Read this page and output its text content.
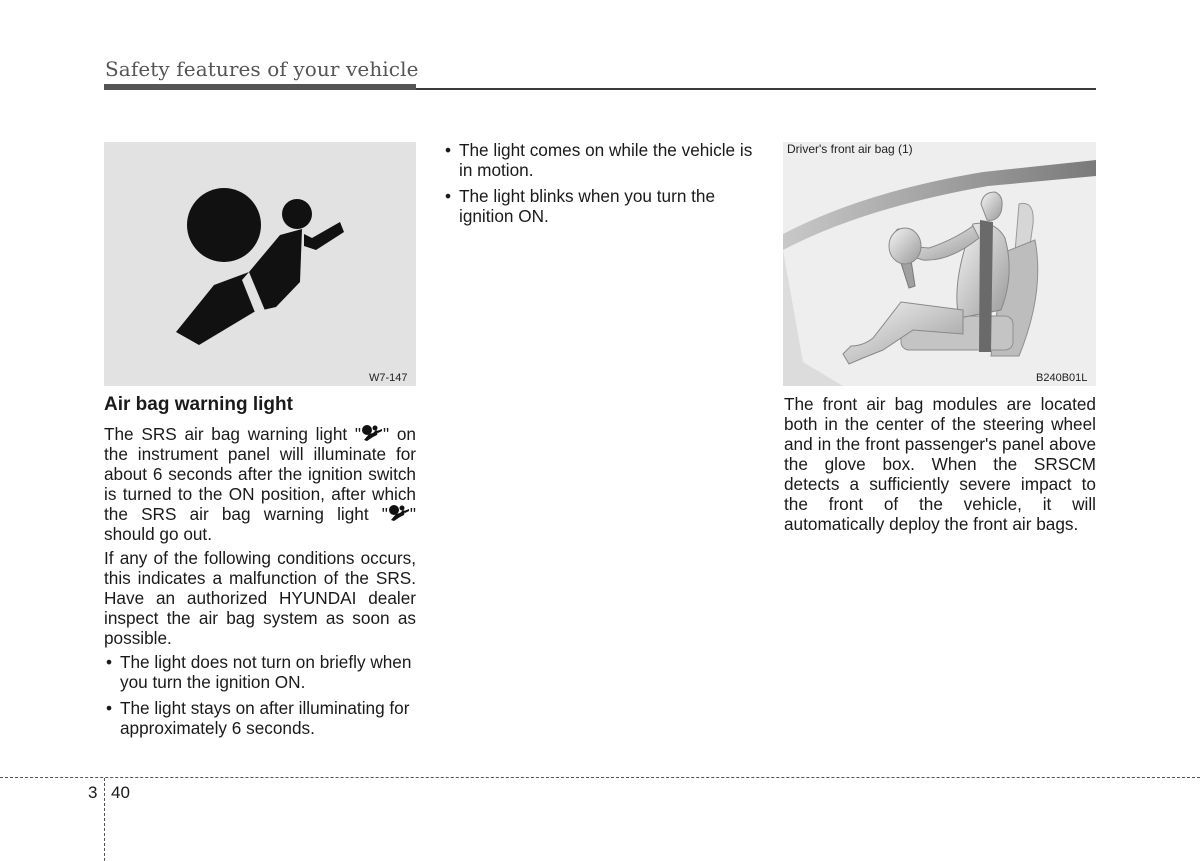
Safety features of your vehicle
W7-147
Air bag warning light

The SRS air bag warning light " " on the instrument panel will illuminate for about 6 seconds after the ignition switch is turned to the ON position, after which the SRS air bag warning light " " should go out.

If any of the following conditions occurs, this indicates a malfunction of the SRS. Have an authorized HYUNDAI dealer inspect the air bag system as soon as possible.

• The light does not turn on briefly when you turn the ignition ON.
• The light stays on after illuminating for approximately 6 seconds.
• The light comes on while the vehicle is in motion.
• The light blinks when you turn the ignition ON.
Driver's front air bag (1)
B240B01L

The front air bag modules are located both in the center of the steering wheel and in the front passenger's panel above the glove box. When the SRSCM detects a sufficiently severe impact to the front of the vehicle, it will automatically deploy the front air bags.

3 40
